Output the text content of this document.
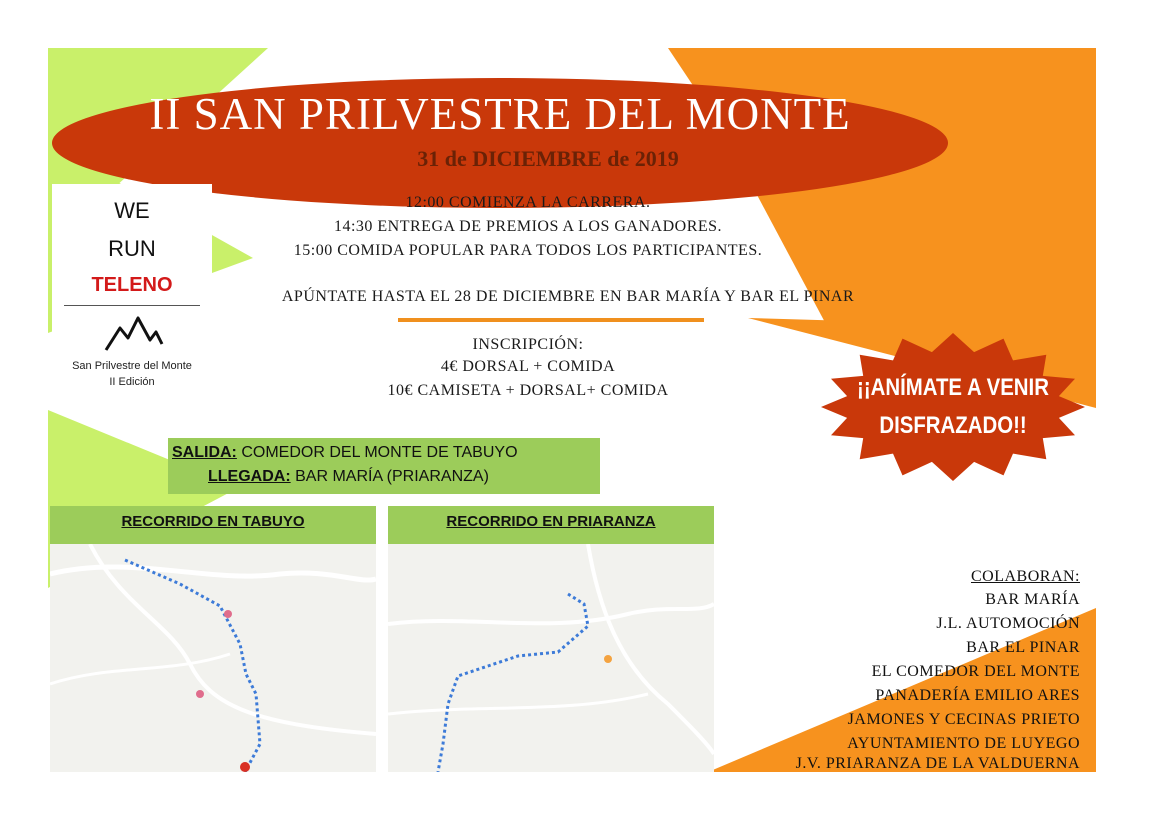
II SAN PRILVESTRE DEL MONTE
31 de DICIEMBRE de 2019
WE
RUN
TELENO
San Prilvestre del Monte
II Edición
12:00 COMIENZA LA CARRERA.
14:30 ENTREGA DE PREMIOS A LOS GANADORES.
15:00 COMIDA POPULAR PARA TODOS LOS PARTICIPANTES.
APÚNTATE HASTA EL 28 DE DICIEMBRE EN BAR MARÍA Y BAR EL PINAR
INSCRIPCIÓN:
4€ DORSAL + COMIDA
10€ CAMISETA + DORSAL+ COMIDA	¡¡ANÍMATE A VENIR
DISFRAZADO!!
SALIDA: COMEDOR DEL MONTE DE TABUYO
LLEGADA: BAR MARÍA (PRIARANZA)
RECORRIDO EN TABUYO	RECORRIDO EN PRIARANZA
COLABORAN:
BAR MARÍA
J.L. AUTOMOCIÓN
BAR EL PINAR
EL COMEDOR DEL MONTE
PANADERÍA EMILIO ARES
JAMONES Y CECINAS PRIETO
AYUNTAMIENTO DE LUYEGO
J.V. PRIARANZA DE LA VALDUERNA
